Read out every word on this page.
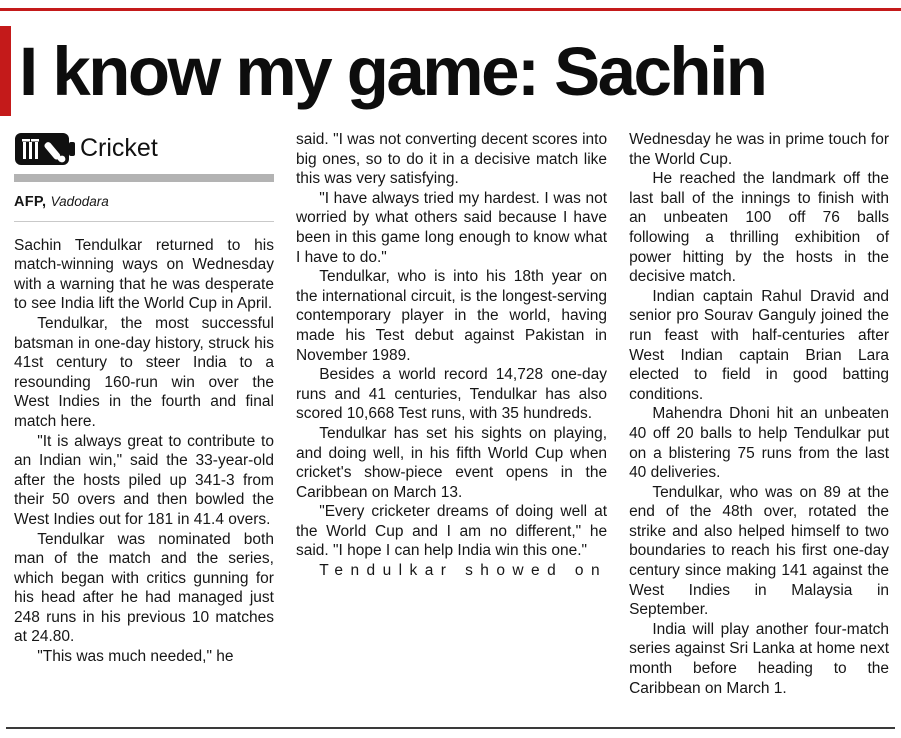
I know my game: Sachin
Cricket
AFP, Vadodara

Sachin Tendulkar returned to his match-winning ways on Wednesday with a warning that he was desperate to see India lift the World Cup in April.

Tendulkar, the most successful batsman in one-day history, struck his 41st century to steer India to a resounding 160-run win over the West Indies in the fourth and final match here.

"It is always great to contribute to an Indian win," said the 33-year-old after the hosts piled up 341-3 from their 50 overs and then bowled the West Indies out for 181 in 41.4 overs.

Tendulkar was nominated both man of the match and the series, which began with critics gunning for his head after he had managed just 248 runs in his previous 10 matches at 24.80.

"This was much needed," he

said. "I was not converting decent scores into big ones, so to do it in a decisive match like this was very satisfying.

"I have always tried my hardest. I was not worried by what others said because I have been in this game long enough to know what I have to do."

Tendulkar, who is into his 18th year on the international circuit, is the longest-serving contemporary player in the world, having made his Test debut against Pakistan in November 1989.

Besides a world record 14,728 one-day runs and 41 centuries, Tendulkar has also scored 10,668 Test runs, with 35 hundreds.

Tendulkar has set his sights on playing, and doing well, in his fifth World Cup when cricket's show-piece event opens in the Caribbean on March 13.

"Every cricketer dreams of doing well at the World Cup and I am no different," he said. "I hope I can help India win this one."

Tendulkar showed on

Wednesday he was in prime touch for the World Cup.

He reached the landmark off the last ball of the innings to finish with an unbeaten 100 off 76 balls following a thrilling exhibition of power hitting by the hosts in the decisive match.

Indian captain Rahul Dravid and senior pro Sourav Ganguly joined the run feast with half-centuries after West Indian captain Brian Lara elected to field in good batting conditions.

Mahendra Dhoni hit an unbeaten 40 off 20 balls to help Tendulkar put on a blistering 75 runs from the last 40 deliveries.

Tendulkar, who was on 89 at the end of the 48th over, rotated the strike and also helped himself to two boundaries to reach his first one-day century since making 141 against the West Indies in Malaysia in September.

India will play another four-match series against Sri Lanka at home next month before heading to the Caribbean on March 1.
